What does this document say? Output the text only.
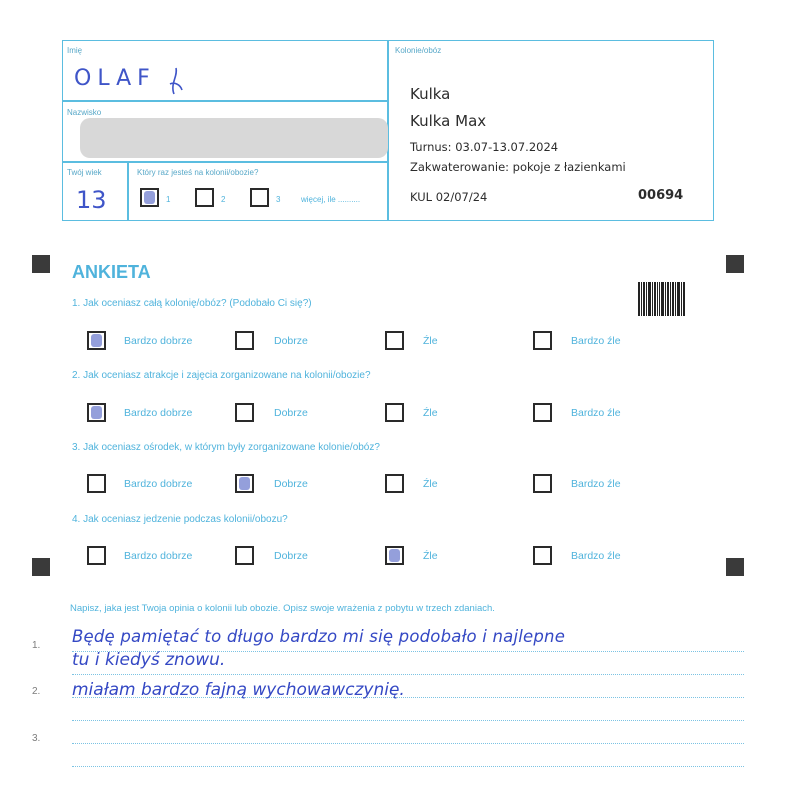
Imię
OLAF
Nazwisko
Twój wiek
13
Który raz jesteś na kolonii/obozie?
1	2	3	więcej, ile ..........
Kolonie/obóz
Kulka
Kulka Max
Turnus: 03.07-13.07.2024
Zakwaterowanie: pokoje z łazienkami
KUL 02/07/24	00694
ANKIETA
1. Jak oceniasz całą kolonię/obóz? (Podobało Ci się?)
Bardzo dobrze	Dobrze	Źle	Bardzo źle
2. Jak oceniasz atrakcje i zajęcia zorganizowane na kolonii/obozie?
Bardzo dobrze	Dobrze	Źle	Bardzo źle
3. Jak oceniasz ośrodek, w którym były zorganizowane kolonie/obóz?
Bardzo dobrze	Dobrze	Źle	Bardzo źle
4. Jak oceniasz jedzenie podczas kolonii/obozu?
Bardzo dobrze	Dobrze	Źle	Bardzo źle
Napisz, jaka jest Twoja opinia o kolonii lub obozie. Opisz swoje wrażenia z pobytu w trzech zdaniach.
1.
2.
3.
Będę pamiętać to długo bardzo mi się podobało i najlepne
tu i kiedyś znowu.
miałam bardzo fajną wychowawczynię.
